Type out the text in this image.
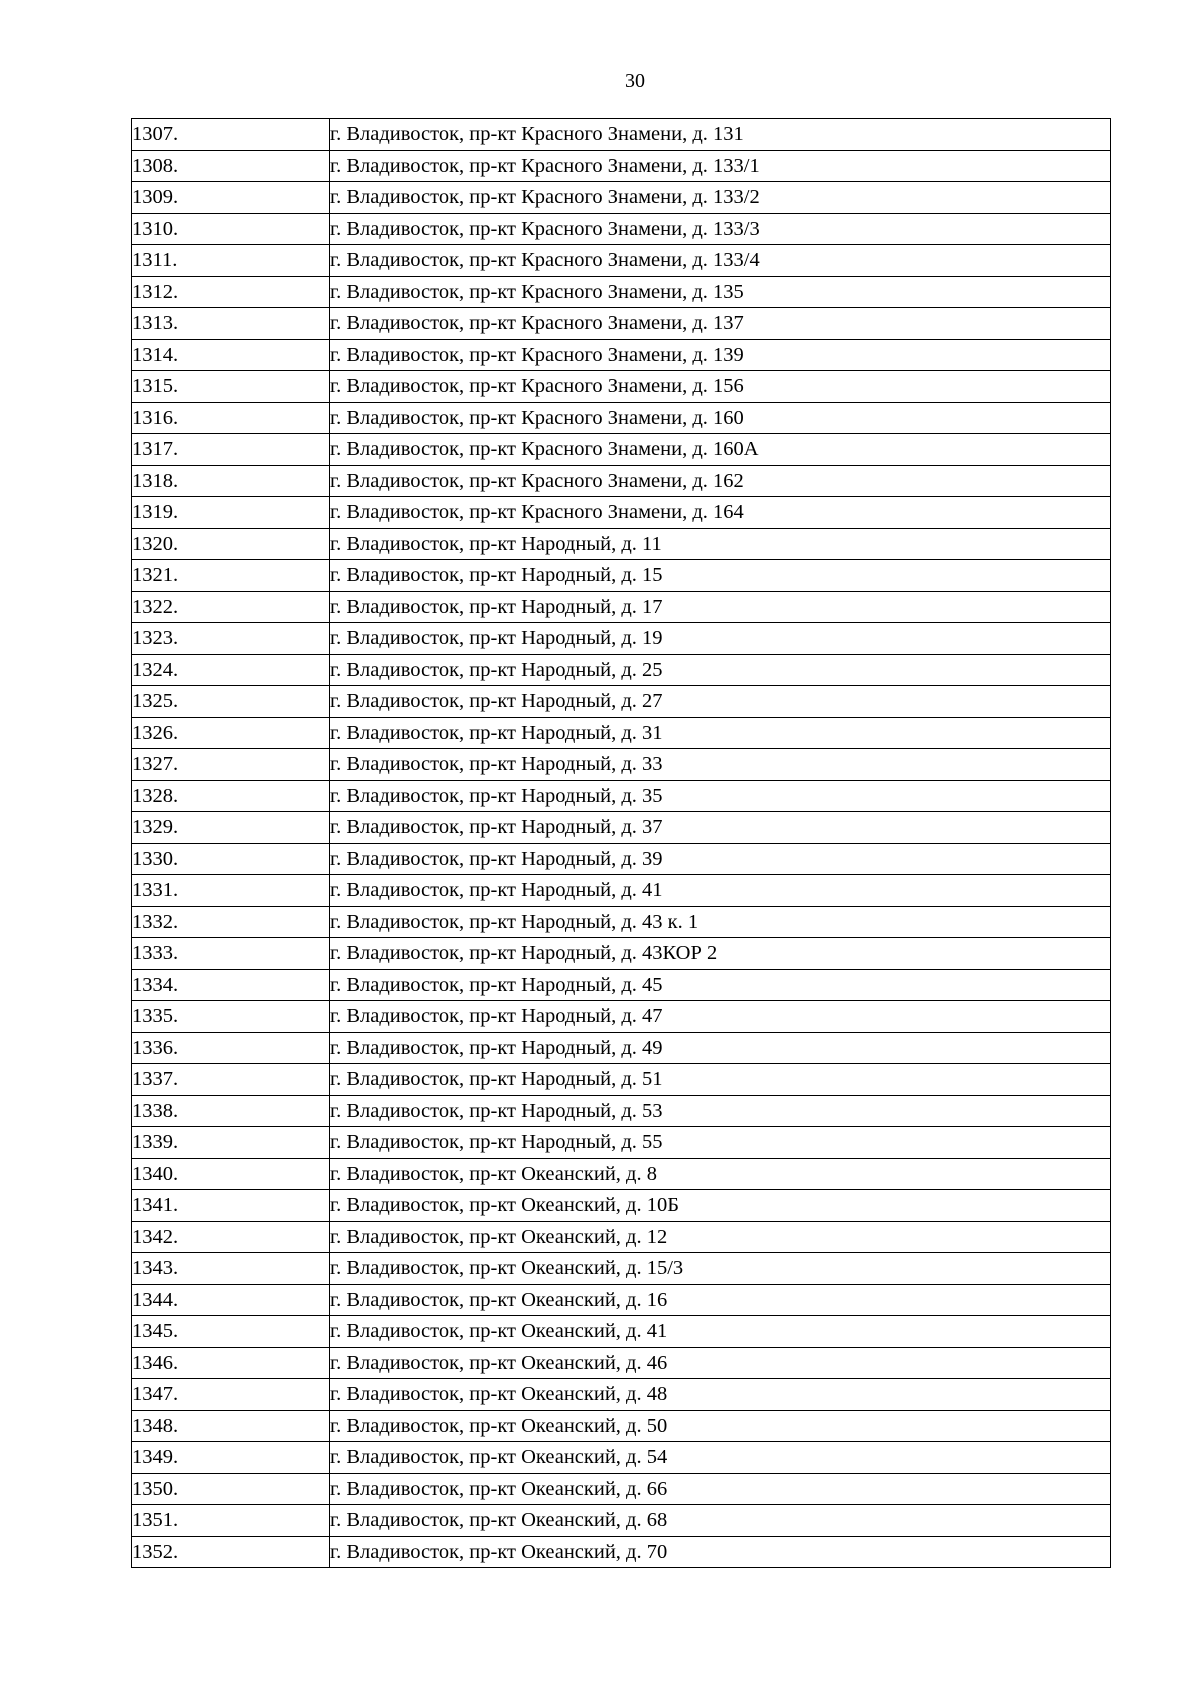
30
1307.	г. Владивосток, пр-кт Красного Знамени, д. 131
1308.	г. Владивосток, пр-кт Красного Знамени, д. 133/1
1309.	г. Владивосток, пр-кт Красного Знамени, д. 133/2
1310.	г. Владивосток, пр-кт Красного Знамени, д. 133/3
1311.	г. Владивосток, пр-кт Красного Знамени, д. 133/4
1312.	г. Владивосток, пр-кт Красного Знамени, д. 135
1313.	г. Владивосток, пр-кт Красного Знамени, д. 137
1314.	г. Владивосток, пр-кт Красного Знамени, д. 139
1315.	г. Владивосток, пр-кт Красного Знамени, д. 156
1316.	г. Владивосток, пр-кт Красного Знамени, д. 160
1317.	г. Владивосток, пр-кт Красного Знамени, д. 160А
1318.	г. Владивосток, пр-кт Красного Знамени, д. 162
1319.	г. Владивосток, пр-кт Красного Знамени, д. 164
1320.	г. Владивосток, пр-кт Народный, д. 11
1321.	г. Владивосток, пр-кт Народный, д. 15
1322.	г. Владивосток, пр-кт Народный, д. 17
1323.	г. Владивосток, пр-кт Народный, д. 19
1324.	г. Владивосток, пр-кт Народный, д. 25
1325.	г. Владивосток, пр-кт Народный, д. 27
1326.	г. Владивосток, пр-кт Народный, д. 31
1327.	г. Владивосток, пр-кт Народный, д. 33
1328.	г. Владивосток, пр-кт Народный, д. 35
1329.	г. Владивосток, пр-кт Народный, д. 37
1330.	г. Владивосток, пр-кт Народный, д. 39
1331.	г. Владивосток, пр-кт Народный, д. 41
1332.	г. Владивосток, пр-кт Народный, д. 43 к. 1
1333.	г. Владивосток, пр-кт Народный, д. 43КОР 2
1334.	г. Владивосток, пр-кт Народный, д. 45
1335.	г. Владивосток, пр-кт Народный, д. 47
1336.	г. Владивосток, пр-кт Народный, д. 49
1337.	г. Владивосток, пр-кт Народный, д. 51
1338.	г. Владивосток, пр-кт Народный, д. 53
1339.	г. Владивосток, пр-кт Народный, д. 55
1340.	г. Владивосток, пр-кт Океанский, д. 8
1341.	г. Владивосток, пр-кт Океанский, д. 10Б
1342.	г. Владивосток, пр-кт Океанский, д. 12
1343.	г. Владивосток, пр-кт Океанский, д. 15/3
1344.	г. Владивосток, пр-кт Океанский, д. 16
1345.	г. Владивосток, пр-кт Океанский, д. 41
1346.	г. Владивосток, пр-кт Океанский, д. 46
1347.	г. Владивосток, пр-кт Океанский, д. 48
1348.	г. Владивосток, пр-кт Океанский, д. 50
1349.	г. Владивосток, пр-кт Океанский, д. 54
1350.	г. Владивосток, пр-кт Океанский, д. 66
1351.	г. Владивосток, пр-кт Океанский, д. 68
1352.	г. Владивосток, пр-кт Океанский, д. 70
